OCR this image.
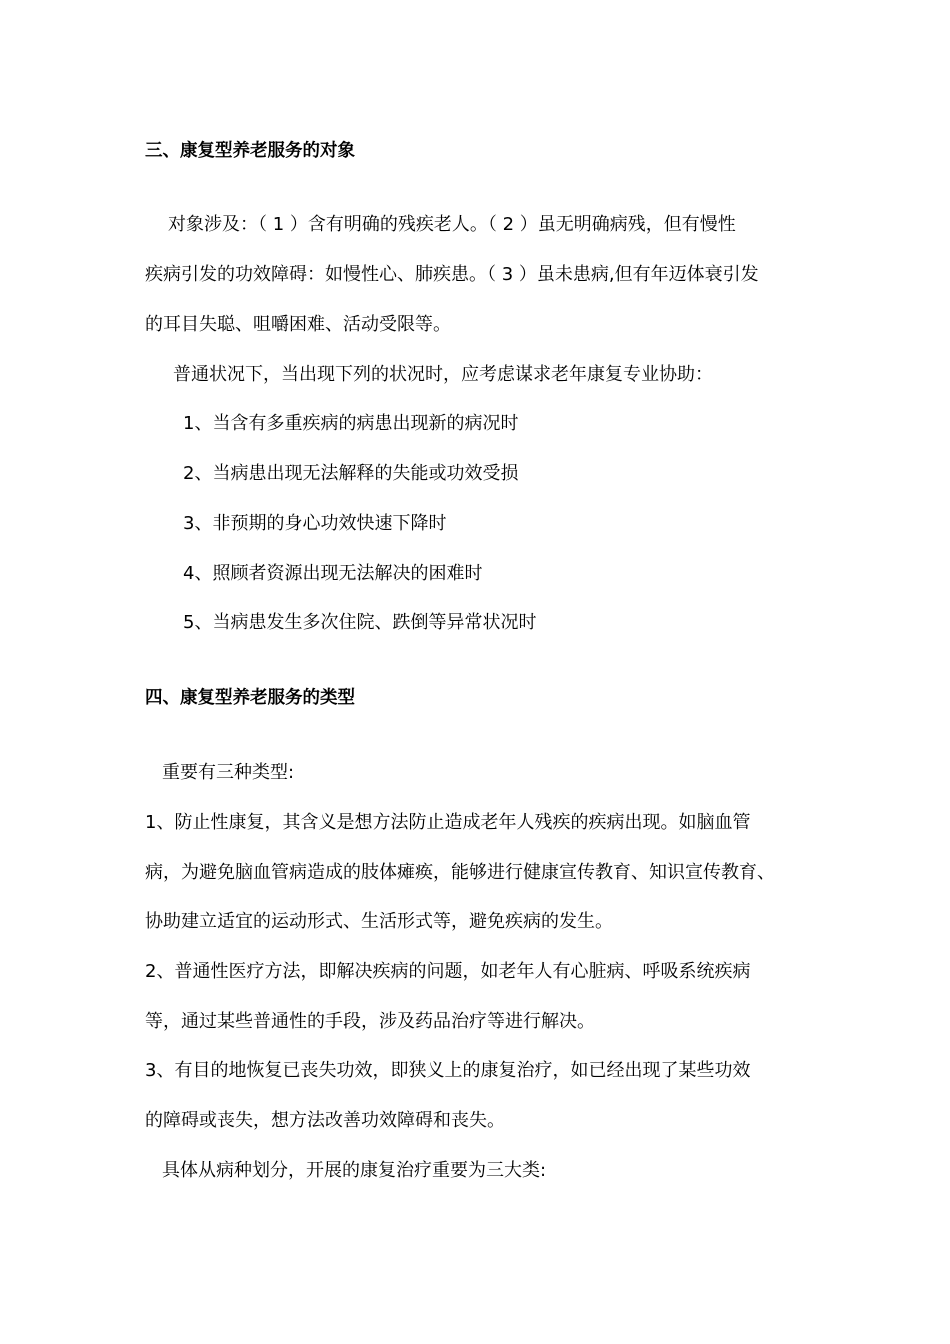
三、康复型养老服务的对象
对象涉及：（ 1 ）含有明确的残疾老人。（ 2 ）虽无明确病残，但有慢性
疾病引发的功效障碍：如慢性心、肺疾患。（ 3 ）虽未患病,但有年迈体衰引发
的耳目失聪、咀嚼困难、活动受限等。
普通状况下，当出现下列的状况时，应考虑谋求老年康复专业协助：
1、当含有多重疾病的病患出现新的病况时
2、当病患出现无法解释的失能或功效受损
3、非预期的身心功效快速下降时
4、照顾者资源出现无法解决的困难时
5、当病患发生多次住院、跌倒等异常状况时
四、康复型养老服务的类型
重要有三种类型:
1、防止性康复，其含义是想方法防止造成老年人残疾的疾病出现。如脑血管
病，为避免脑血管病造成的肢体瘫痪，能够进行健康宣传教育、知识宣传教育、
协助建立适宜的运动形式、生活形式等，避免疾病的发生。
2、普通性医疗方法，即解决疾病的问题，如老年人有心脏病、呼吸系统疾病
等，通过某些普通性的手段，涉及药品治疗等进行解决。
3、有目的地恢复已丧失功效，即狭义上的康复治疗，如已经出现了某些功效
的障碍或丧失，想方法改善功效障碍和丧失。
具体从病种划分，开展的康复治疗重要为三大类:
